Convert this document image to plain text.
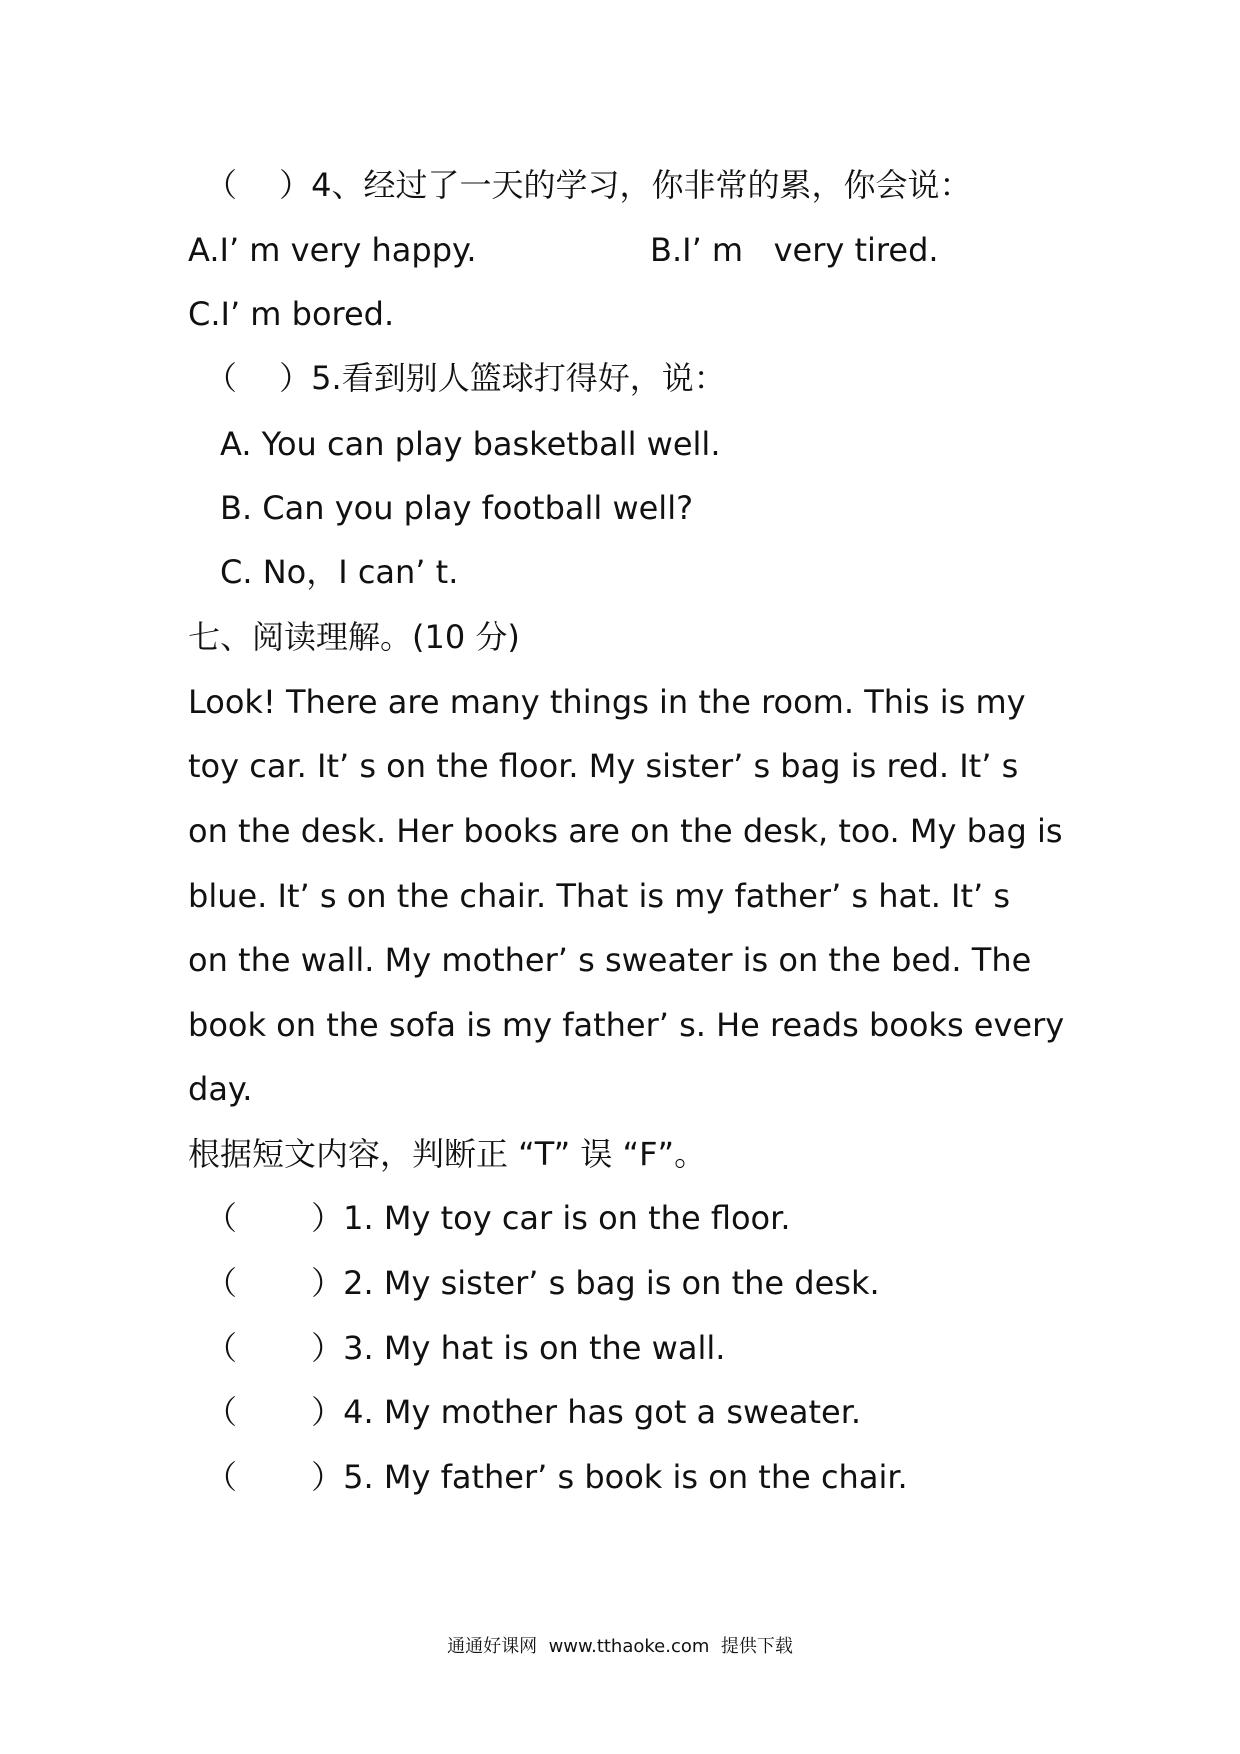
（　 ）4、经过了一天的学习，你非常的累，你会说：
A.I’ m very happy.	B.I’ m   very tired.
C.I’ m bored.
（　 ）5.看到别人篮球打得好，说：
A. You can play basketball well.
B. Can you play football well?
C. No，I can’ t.
七、阅读理解。(10 分)
Look! There are many things in the room. This is my
toy car. It’ s on the floor. My sister’ s bag is red. It’ s
on the desk. Her books are on the desk, too. My bag is
blue. It’ s on the chair. That is my father’ s hat. It’ s
on the wall. My mother’ s sweater is on the bed. The
book on the sofa is my father’ s. He reads books every
day.
根据短文内容，判断正 “T” 误 “F”。
（　　 ）1. My toy car is on the floor.
（　　 ）2. My sister’ s bag is on the desk.
（　　 ）3. My hat is on the wall.
（　　 ）4. My mother has got a sweater.
（　　 ）5. My father’ s book is on the chair.
通通好课网  www.tthaoke.com  提供下载
